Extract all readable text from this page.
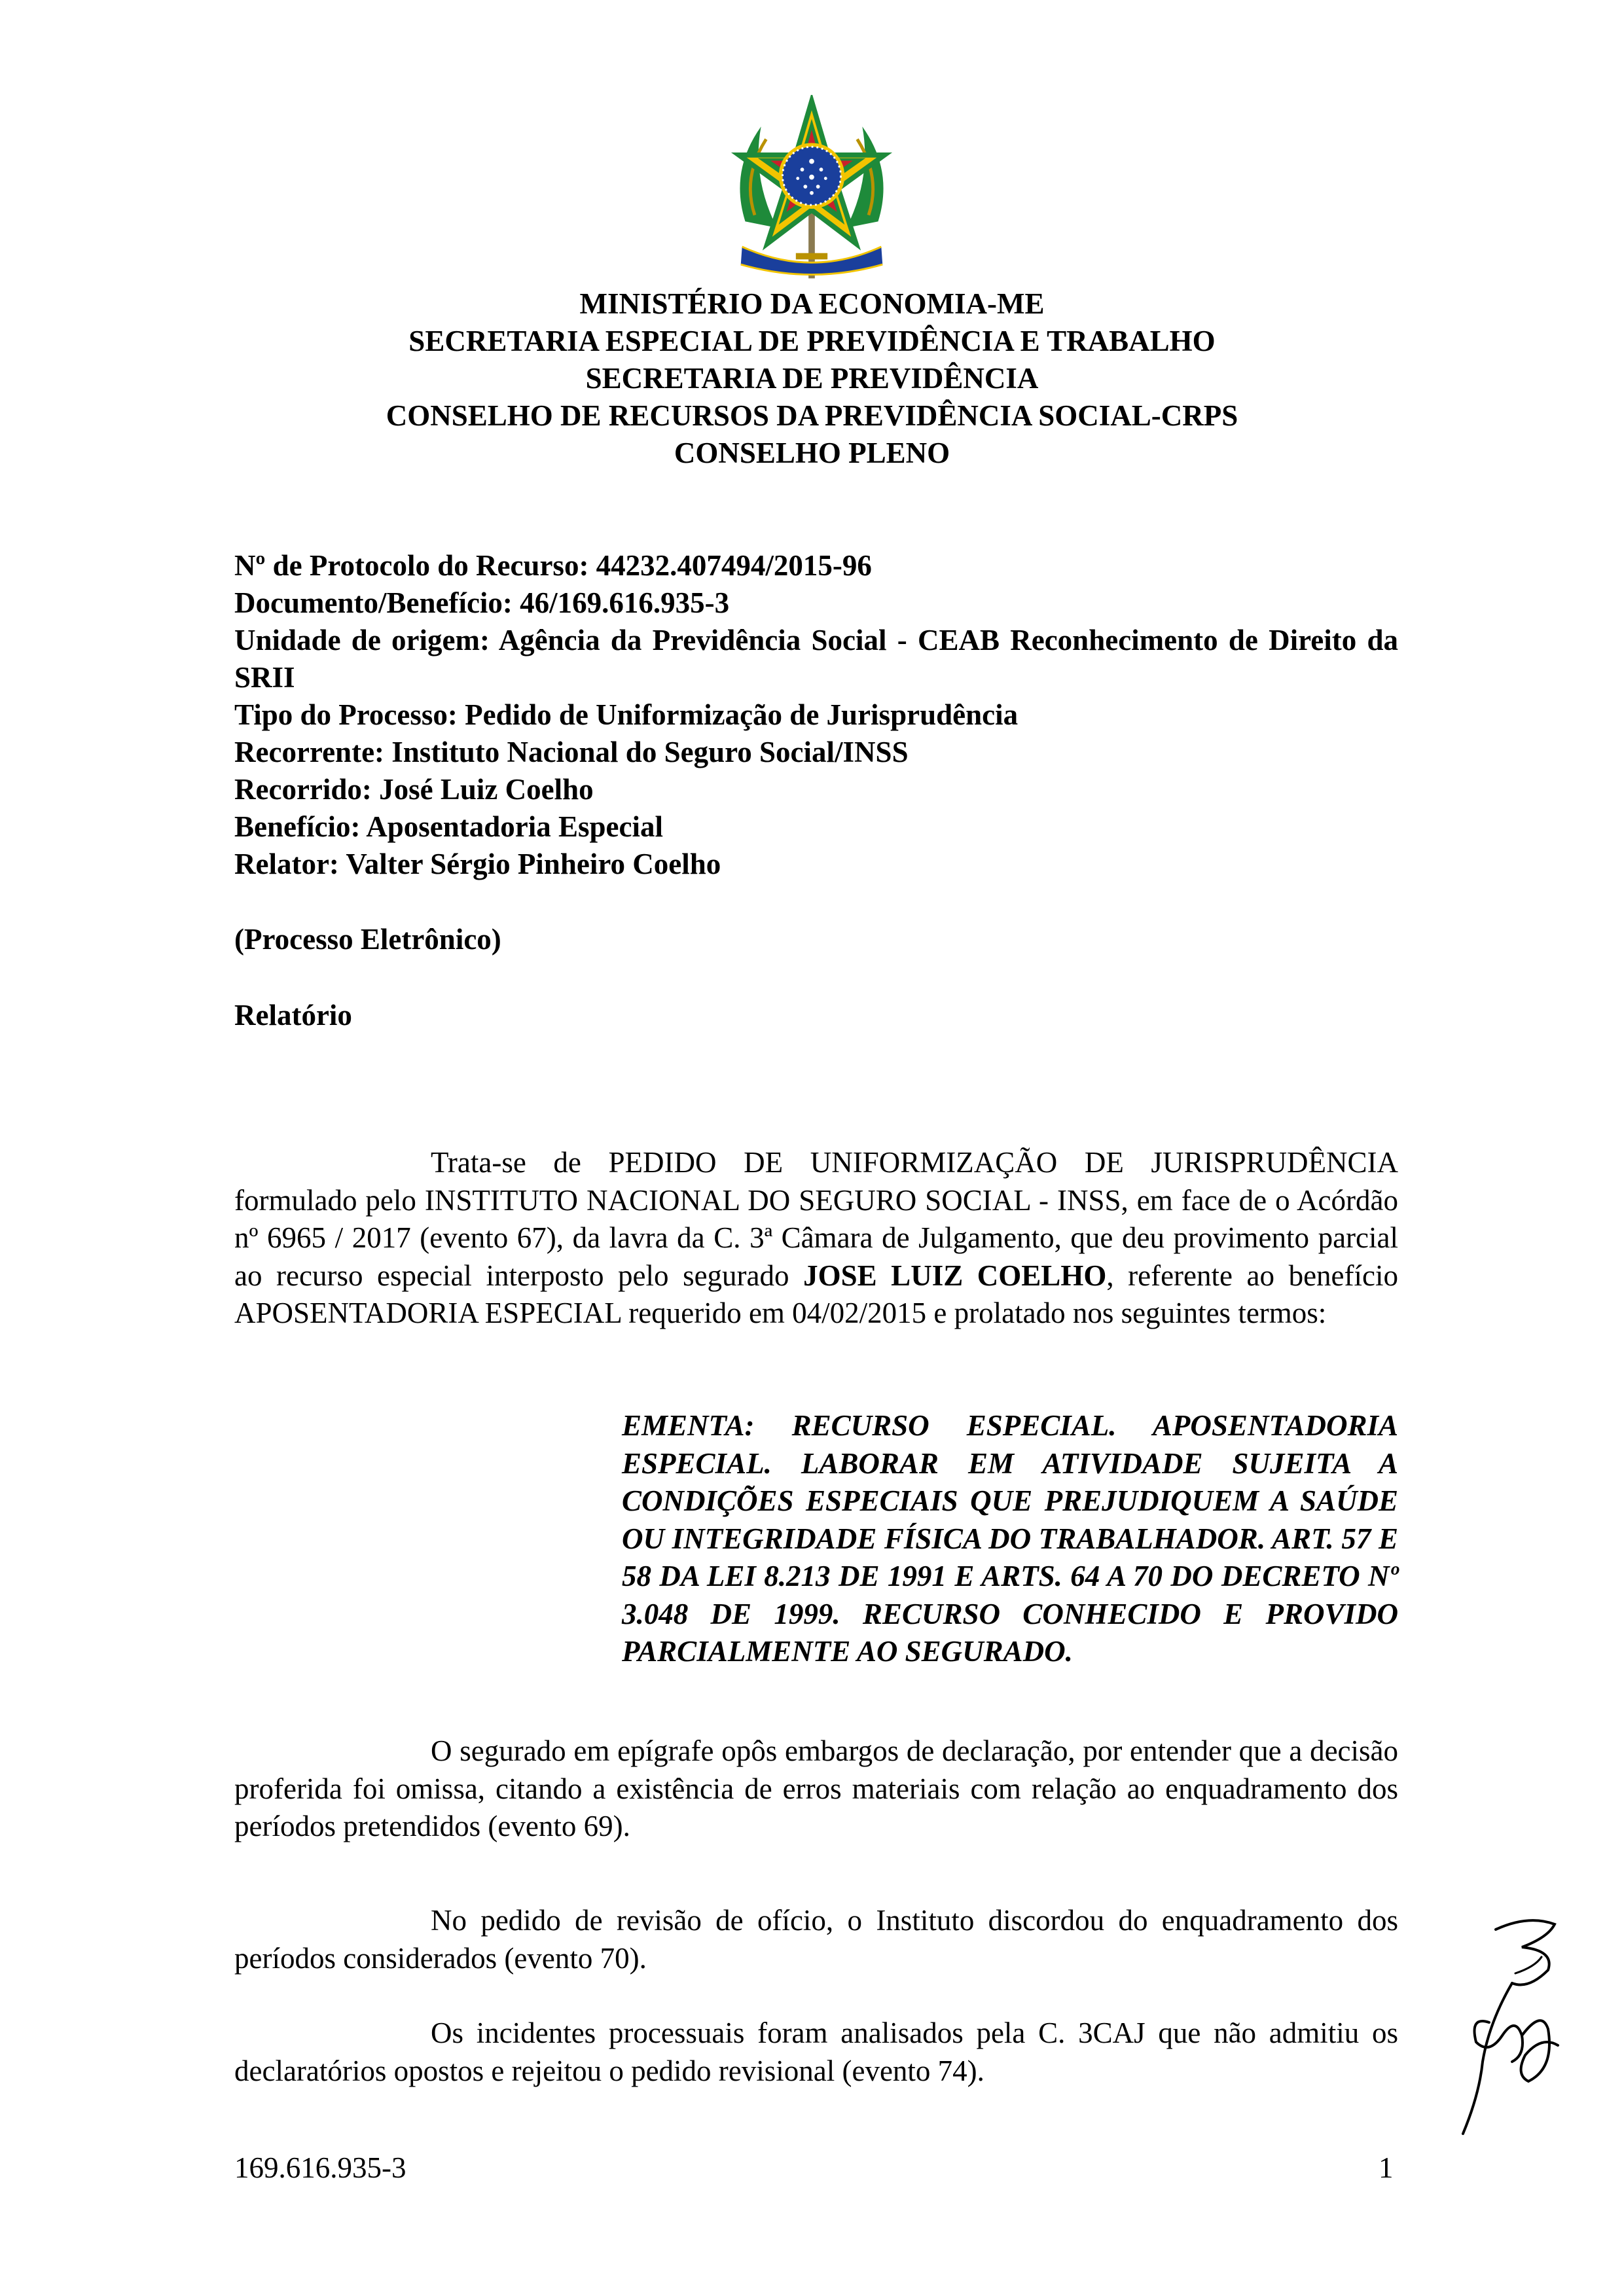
MINISTÉRIO DA ECONOMIA-ME
SECRETARIA ESPECIAL DE PREVIDÊNCIA E TRABALHO
SECRETARIA DE PREVIDÊNCIA
CONSELHO DE RECURSOS DA PREVIDÊNCIA SOCIAL-CRPS
CONSELHO PLENO
Nº de Protocolo do Recurso: 44232.407494/2015-96
Documento/Benefício: 46/169.616.935-3
Unidade de origem: Agência da Previdência Social - CEAB Reconhecimento de Direito da SRII
Tipo do Processo: Pedido de Uniformização de Jurisprudência
Recorrente: Instituto Nacional do Seguro Social/INSS
Recorrido: José Luiz Coelho
Benefício: Aposentadoria Especial
Relator: Valter Sérgio Pinheiro Coelho
(Processo Eletrônico)
Relatório
Trata-se de PEDIDO DE UNIFORMIZAÇÃO DE JURISPRUDÊNCIA formulado pelo INSTITUTO NACIONAL DO SEGURO SOCIAL - INSS, em face de o Acórdão nº 6965 / 2017 (evento 67), da lavra da C. 3ª Câmara de Julgamento, que deu provimento parcial ao recurso especial interposto pelo segurado JOSE LUIZ COELHO, referente ao benefício APOSENTADORIA ESPECIAL requerido em 04/02/2015 e prolatado nos seguintes termos:
EMENTA: RECURSO ESPECIAL. APOSENTADORIA ESPECIAL. LABORAR EM ATIVIDADE SUJEITA A CONDIÇÕES ESPECIAIS QUE PREJUDIQUEM A SAÚDE OU INTEGRIDADE FÍSICA DO TRABALHADOR. ART. 57 E 58 DA LEI 8.213 DE 1991 E ARTS. 64 A 70 DO DECRETO Nº 3.048 DE 1999. RECURSO CONHECIDO E PROVIDO PARCIALMENTE AO SEGURADO.
O segurado em epígrafe opôs embargos de declaração, por entender que a decisão proferida foi omissa, citando a existência de erros materiais com relação ao enquadramento dos períodos pretendidos (evento 69).
No pedido de revisão de ofício, o Instituto discordou do enquadramento dos períodos considerados (evento 70).
Os incidentes processuais foram analisados pela C. 3CAJ que não admitiu os declaratórios opostos e rejeitou o pedido revisional (evento 74).
169.616.935-3	1
